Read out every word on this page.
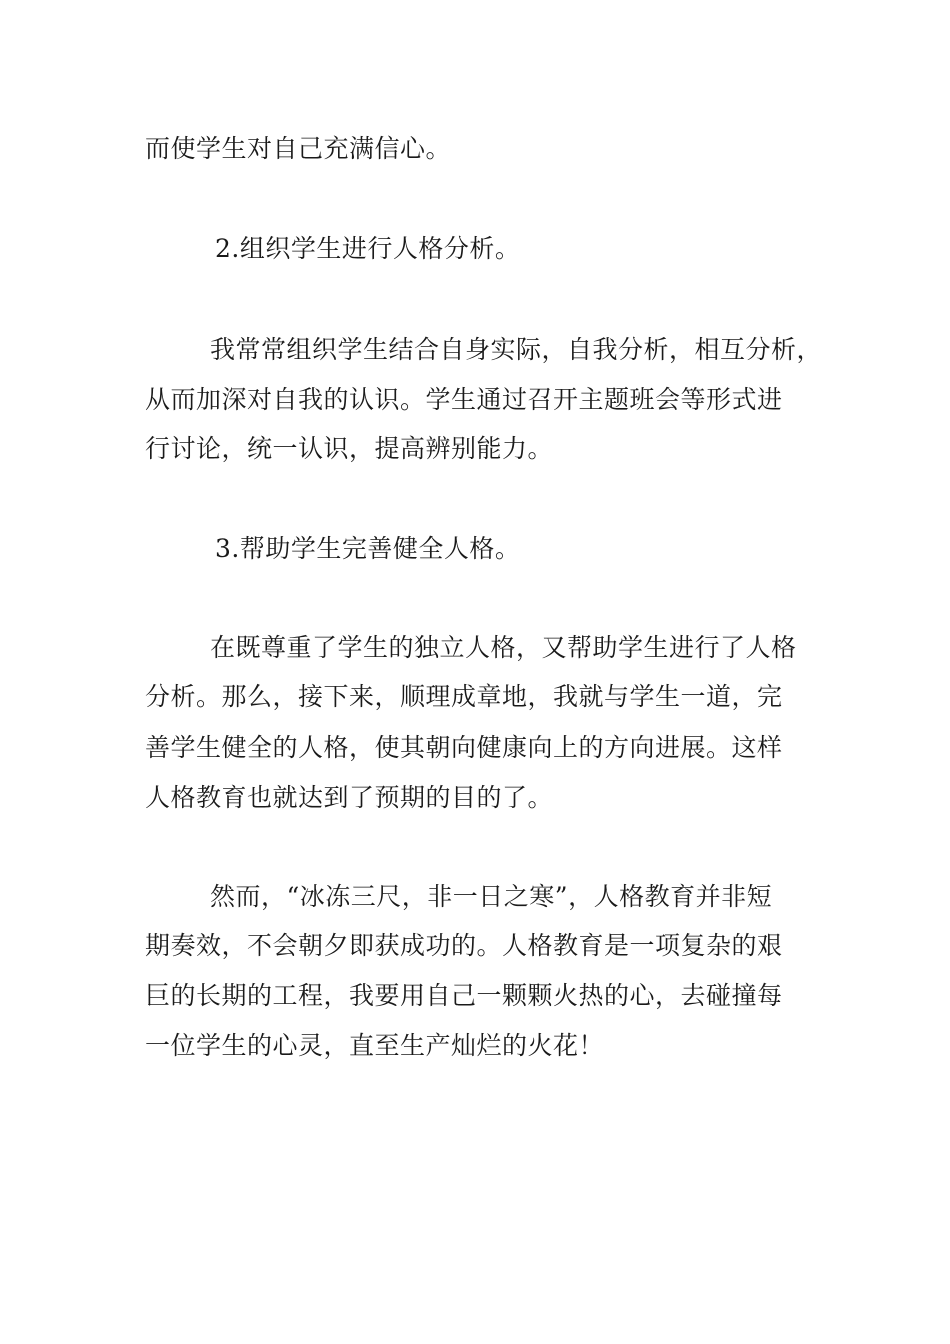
而使学生对自己充满信心。
2.组织学生进行人格分析。
我常常组织学生结合自身实际，自我分析，相互分析，
从而加深对自我的认识。学生通过召开主题班会等形式进
行讨论，统一认识，提高辨别能力。
3.帮助学生完善健全人格。
在既尊重了学生的独立人格，又帮助学生进行了人格
分析。那么，接下来，顺理成章地，我就与学生一道，完
善学生健全的人格，使其朝向健康向上的方向进展。这样
人格教育也就达到了预期的目的了。
然而，“冰冻三尺，非一日之寒”，人格教育并非短
期奏效，不会朝夕即获成功的。人格教育是一项复杂的艰
巨的长期的工程，我要用自己一颗颗火热的心，去碰撞每
一位学生的心灵，直至生产灿烂的火花！
